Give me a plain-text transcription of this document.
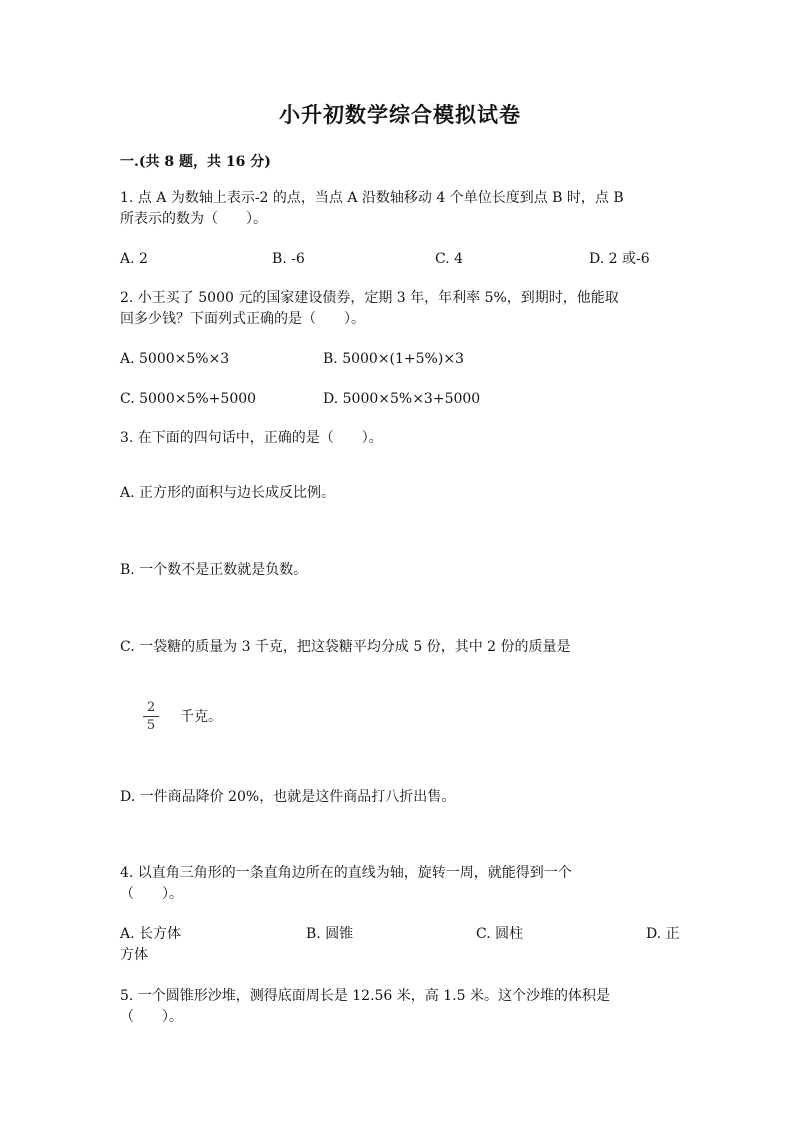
小升初数学综合模拟试卷
一.(共 8 题，共 16 分)
1. 点 A 为数轴上表示-2 的点，当点 A 沿数轴移动 4 个单位长度到点 B 时，点 B
所表示的数为（　　）。
A. 2	B. -6	C. 4	D. 2 或-6
2. 小王买了 5000 元的国家建设债券，定期 3 年，年利率 5%，到期时，他能取
回多少钱？下面列式正确的是（　　）。
A. 5000×5%×3	B. 5000×(1+5%)×3
C. 5000×5%+5000	D. 5000×5%×3+5000
3. 在下面的四句话中，正确的是（　　）。
A. 正方形的面积与边长成反比例。
B. 一个数不是正数就是负数。
C. 一袋糖的质量为 3 千克，把这袋糖平均分成 5 份，其中 2 份的质量是
2
5
千克。
D. 一件商品降价 20%，也就是这件商品打八折出售。
4. 以直角三角形的一条直角边所在的直线为轴，旋转一周，就能得到一个
（　　）。
A. 长方体	B. 圆锥	C. 圆柱	D. 正
方体
5. 一个圆锥形沙堆，测得底面周长是 12.56 米，高 1.5 米。这个沙堆的体积是
（　　）。
